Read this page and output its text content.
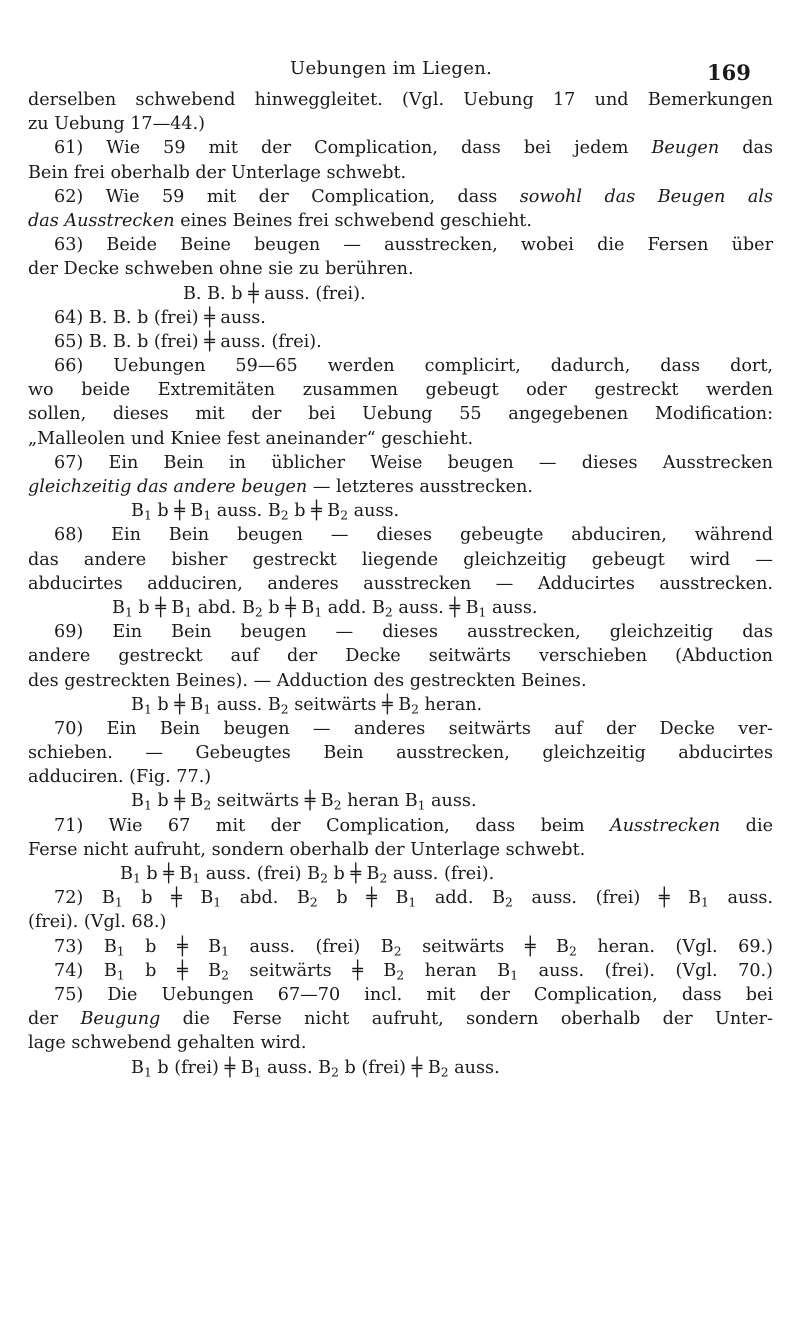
Uebungen im Liegen.	169
derselben schwebend hinweggleitet. (Vgl. Uebung 17 und Bemerkungen
zu Uebung 17—44.)
61) Wie 59 mit der Complication, dass bei jedem Beugen das
Bein frei oberhalb der Unterlage schwebt.
62) Wie 59 mit der Complication, dass sowohl das Beugen als
das Ausstrecken eines Beines frei schwebend geschieht.
63) Beide Beine beugen — ausstrecken, wobei die Fersen über
der Decke schweben ohne sie zu berühren.
B. B. b ╪ auss. (frei).
64) B. B. b (frei) ╪ auss.
65) B. B. b (frei) ╪ auss. (frei).
66) Uebungen 59—65 werden complicirt, dadurch, dass dort,
wo beide Extremitäten zusammen gebeugt oder gestreckt werden
sollen, dieses mit der bei Uebung 55 angegebenen Modification:
„Malleolen und Kniee fest aneinander“ geschieht.
67) Ein Bein in üblicher Weise beugen — dieses Ausstrecken
gleichzeitig das andere beugen — letzteres ausstrecken.
$B_1$ b ╪ $B_1$ auss. $B_2$ b ╪ $B_2$ auss.
68) Ein Bein beugen — dieses gebeugte abduciren, während
das andere bisher gestreckt liegende gleichzeitig gebeugt wird —
abducirtes adduciren, anderes ausstrecken — Adducirtes ausstrecken.
$B_1$ b ╪ $B_1$ abd. $B_2$ b ╪ $B_1$ add. $B_2$ auss. ╪ $B_1$ auss.
69) Ein Bein beugen — dieses ausstrecken, gleichzeitig das
andere gestreckt auf der Decke seitwärts verschieben (Abduction
des gestreckten Beines). — Adduction des gestreckten Beines.
$B_1$ b ╪ $B_1$ auss. $B_2$ seitwärts ╪ $B_2$ heran.
70) Ein Bein beugen — anderes seitwärts auf der Decke ver-
schieben. — Gebeugtes Bein ausstrecken, gleichzeitig abducirtes
adduciren. (Fig. 77.)
$B_1$ b ╪ $B_2$ seitwärts ╪ $B_2$ heran $B_1$ auss.
71) Wie 67 mit der Complication, dass beim Ausstrecken die
Ferse nicht aufruht, sondern oberhalb der Unterlage schwebt.
$B_1$ b ╪ $B_1$ auss. (frei) $B_2$ b ╪ $B_2$ auss. (frei).
72) $B_1$ b ╪ $B_1$ abd. $B_2$ b ╪ $B_1$ add. $B_2$ auss. (frei) ╪ $B_1$ auss.
(frei). (Vgl. 68.)
73) $B_1$ b ╪ $B_1$ auss. (frei) $B_2$ seitwärts ╪ $B_2$ heran. (Vgl. 69.)
74) $B_1$ b ╪ $B_2$ seitwärts ╪ $B_2$ heran $B_1$ auss. (frei). (Vgl. 70.)
75) Die Uebungen 67—70 incl. mit der Complication, dass bei
der Beugung die Ferse nicht aufruht, sondern oberhalb der Unter-
lage schwebend gehalten wird.
$B_1$ b (frei) ╪ $B_1$ auss. $B_2$ b (frei) ╪ $B_2$ auss.
